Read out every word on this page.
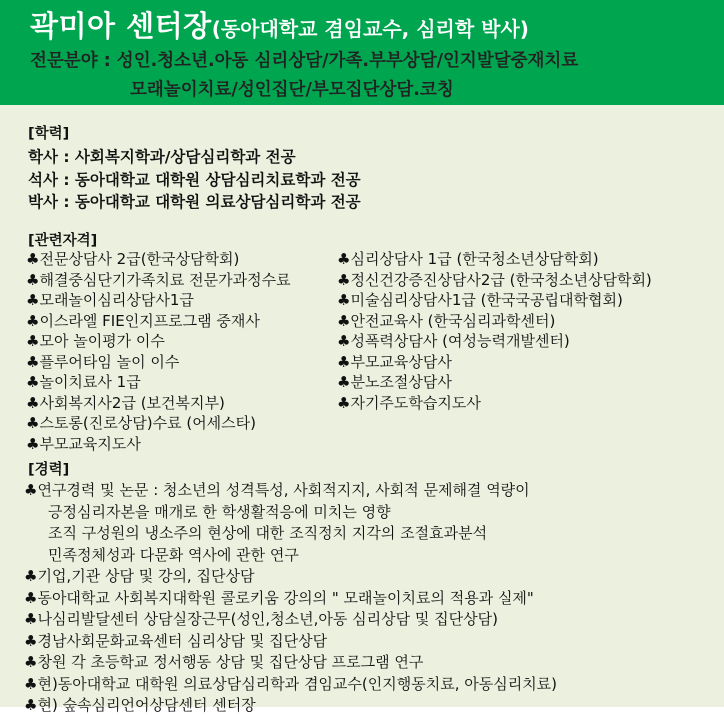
곽미아 센터장(동아대학교 겸임교수, 심리학 박사)
전문분야 : 성인.청소년.아동 심리상담/가족.부부상담/인지발달중재치료
모래놀이치료/성인집단/부모집단상담.코칭
[학력]
학사 : 사회복지학과/상담심리학과 전공
석사 : 동아대학교 대학원 상담심리치료학과 전공
박사 : 동아대학교 대학원 의료상담심리학과 전공
[관련자격]
♣전문상담사 2급(한국상담학회)
♣해결중심단기가족치료 전문가과정수료
♣모래놀이심리상담사1급
♣이스라엘 FIE인지프로그램 중재사
♣모아 놀이평가 이수
♣플루어타임 놀이 이수
♣놀이치료사 1급
♣사회복지사2급 (보건복지부)
♣스토롱(진로상담)수료 (어세스타)
♣부모교육지도사
♣심리상담사 1급 (한국청소년상담학회)
♣정신건강증진상담사2급 (한국청소년상담학회)
♣미술심리상담사1급 (한국국공립대학협회)
♣안전교육사 (한국심리과학센터)
♣성폭력상담사 (여성능력개발센터)
♣부모교육상담사
♣분노조절상담사
♣자기주도학습지도사
[경력]
♣연구경력 및 논문 : 청소년의 성격특성, 사회적지지, 사회적 문제해결 역량이
긍정심리자본을 매개로 한 학생활적응에 미치는 영향
조직 구성원의 냉소주의 현상에 대한 조직정치 지각의 조절효과분석
민족정체성과 다문화 역사에 관한 연구
♣기업,기관 상담 및 강의, 집단상담
♣동아대학교 사회복지대학원 콜로키움 강의의 " 모래놀이치료의 적용과 실제"
♣나심리발달센터 상담실장근무(성인,청소년,아동 심리상담 및 집단상담)
♣경남사회문화교육센터 심리상담 및 집단상담
♣창원 각 초등학교 정서행동 상담 및 집단상담 프로그램 연구
♣현)동아대학교 대학원 의료상담심리학과 겸임교수(인지행동치료, 아동심리치료)
♣현) 숲속심리언어상담센터 센터장
